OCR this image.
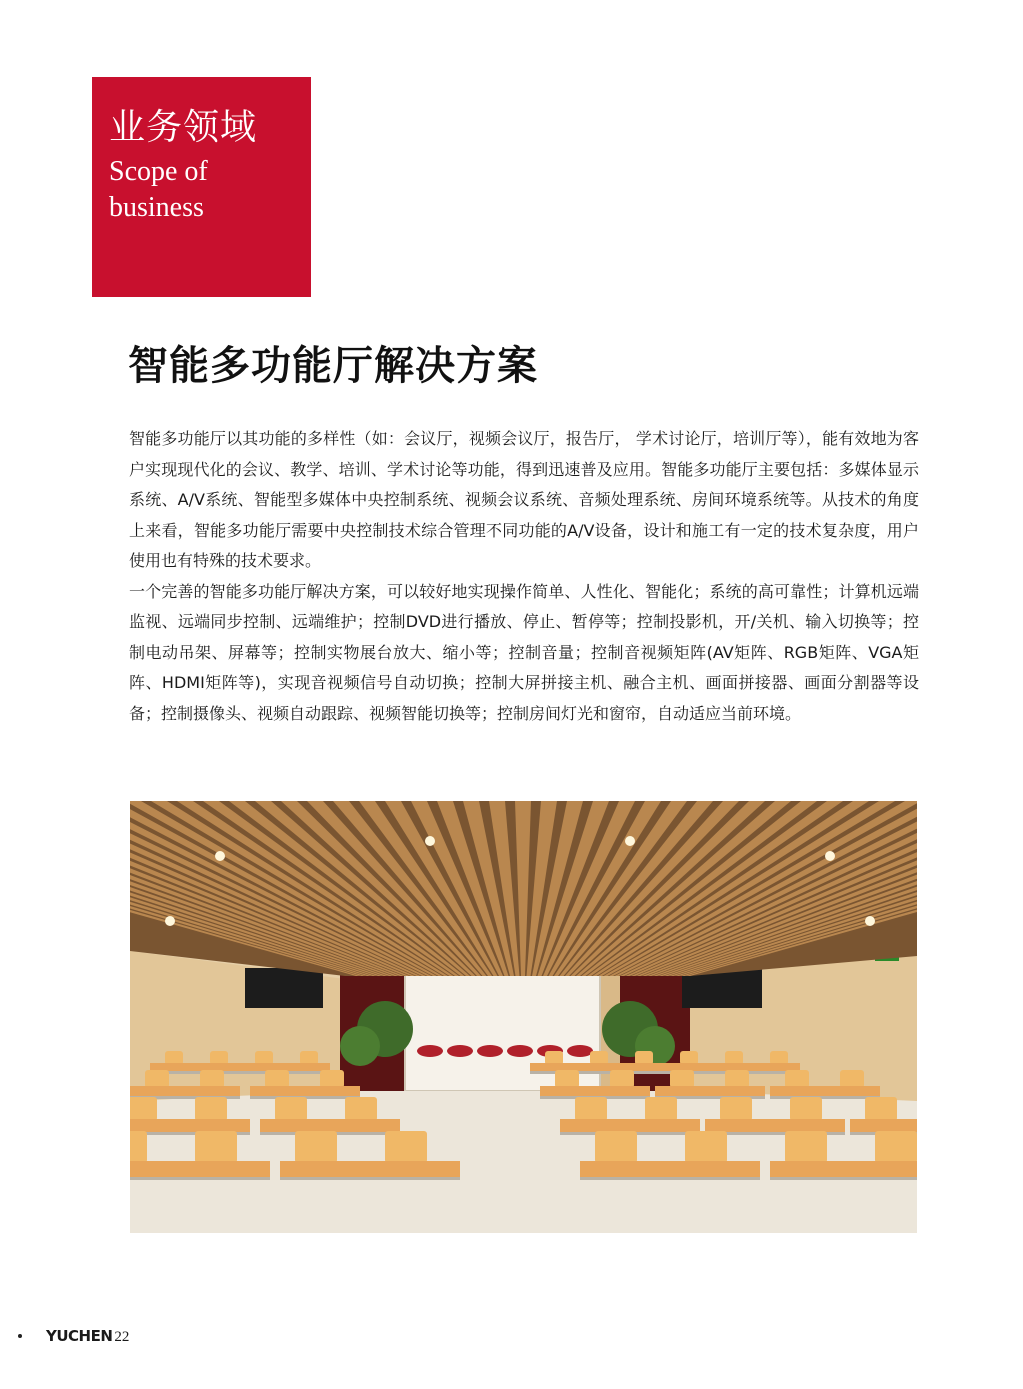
业务领域
Scope of business
智能多功能厅解决方案

智能多功能厅以其功能的多样性（如：会议厅，视频会议厅，报告厅， 学术讨论厅，培训厅等），能有效地为客户实现现代化的会议、教学、培训、学术讨论等功能，得到迅速普及应用。智能多功能厅主要包括：多媒体显示系统、A/V系统、智能型多媒体中央控制系统、视频会议系统、音频处理系统、房间环境系统等。从技术的角度上来看，智能多功能厅需要中央控制技术综合管理不同功能的A/V设备，设计和施工有一定的技术复杂度，用户使用也有特殊的技术要求。

一个完善的智能多功能厅解决方案，可以较好地实现操作简单、人性化、智能化；系统的高可靠性；计算机远端监视、远端同步控制、远端维护；控制DVD进行播放、停止、暂停等；控制投影机，开/关机、输入切换等；控制电动吊架、屏幕等；控制实物展台放大、缩小等；控制音量；控制音视频矩阵(AV矩阵、RGB矩阵、VGA矩阵、HDMI矩阵等)，实现音视频信号自动切换；控制大屏拼接主机、融合主机、画面拼接器、画面分割器等设备；控制摄像头、视频自动跟踪、视频智能切换等；控制房间灯光和窗帘，自动适应当前环境。

YUCHEN 22
